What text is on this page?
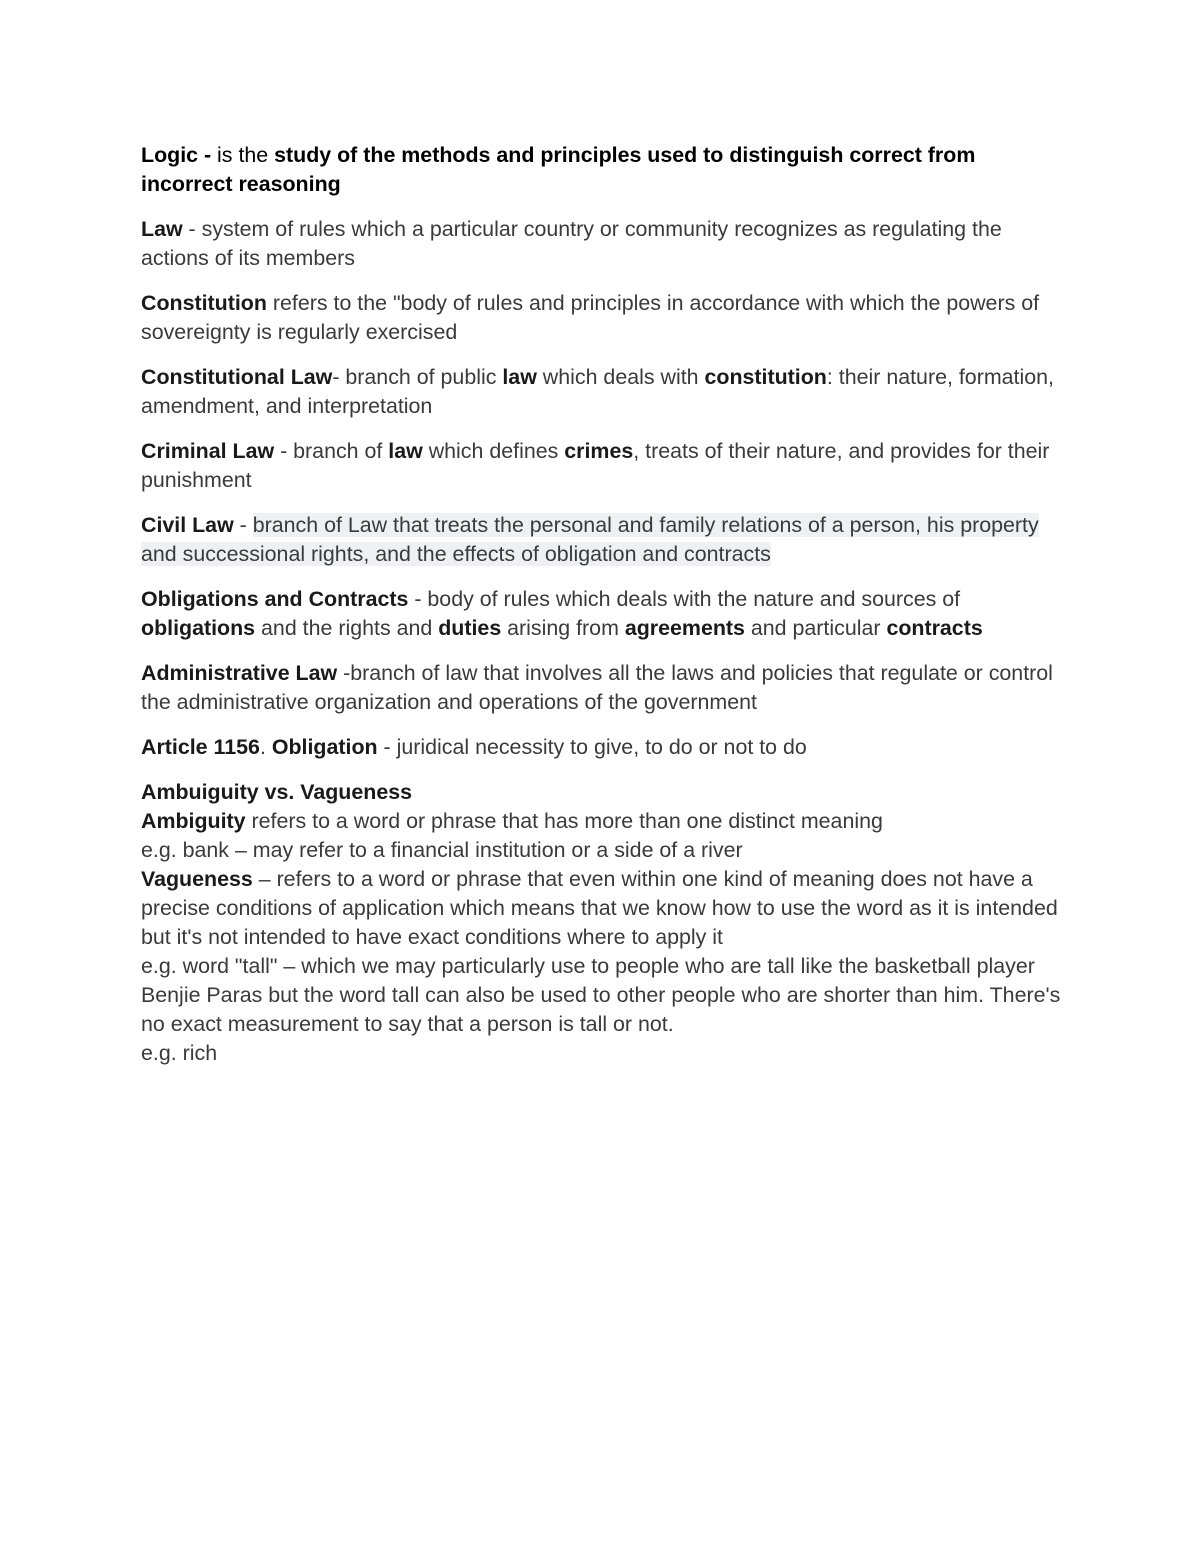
Logic - is the study of the methods and principles used to distinguish correct from incorrect reasoning

Law - system of rules which a particular country or community recognizes as regulating the actions of its members

Constitution refers to the "body of rules and principles in accordance with which the powers of sovereignty is regularly exercised

Constitutional Law- branch of public law which deals with constitution: their nature, formation, amendment, and interpretation

Criminal Law - branch of law which defines crimes, treats of their nature, and provides for their punishment

Civil Law - branch of Law that treats the personal and family relations of a person, his property and successional rights, and the effects of obligation and contracts

Obligations and Contracts - body of rules which deals with the nature and sources of obligations and the rights and duties arising from agreements and particular contracts

Administrative Law -branch of law that involves all the laws and policies that regulate or control the administrative organization and operations of the government

Article 1156. Obligation - juridical necessity to give, to do or not to do

Ambuiguity vs. Vagueness

Ambiguity refers to a word or phrase that has more than one distinct meaning

e.g. bank – may refer to a financial institution or a side of a river

Vagueness – refers to a word or phrase that even within one kind of meaning does not have a precise conditions of application which means that we know how to use the word as it is intended but it's not intended to have exact conditions where to apply it

e.g. word "tall" – which we may particularly use to people who are tall like the basketball player Benjie Paras but the word tall can also be used to other people who are shorter than him. There's no exact measurement to say that a person is tall or not.

e.g. rich
